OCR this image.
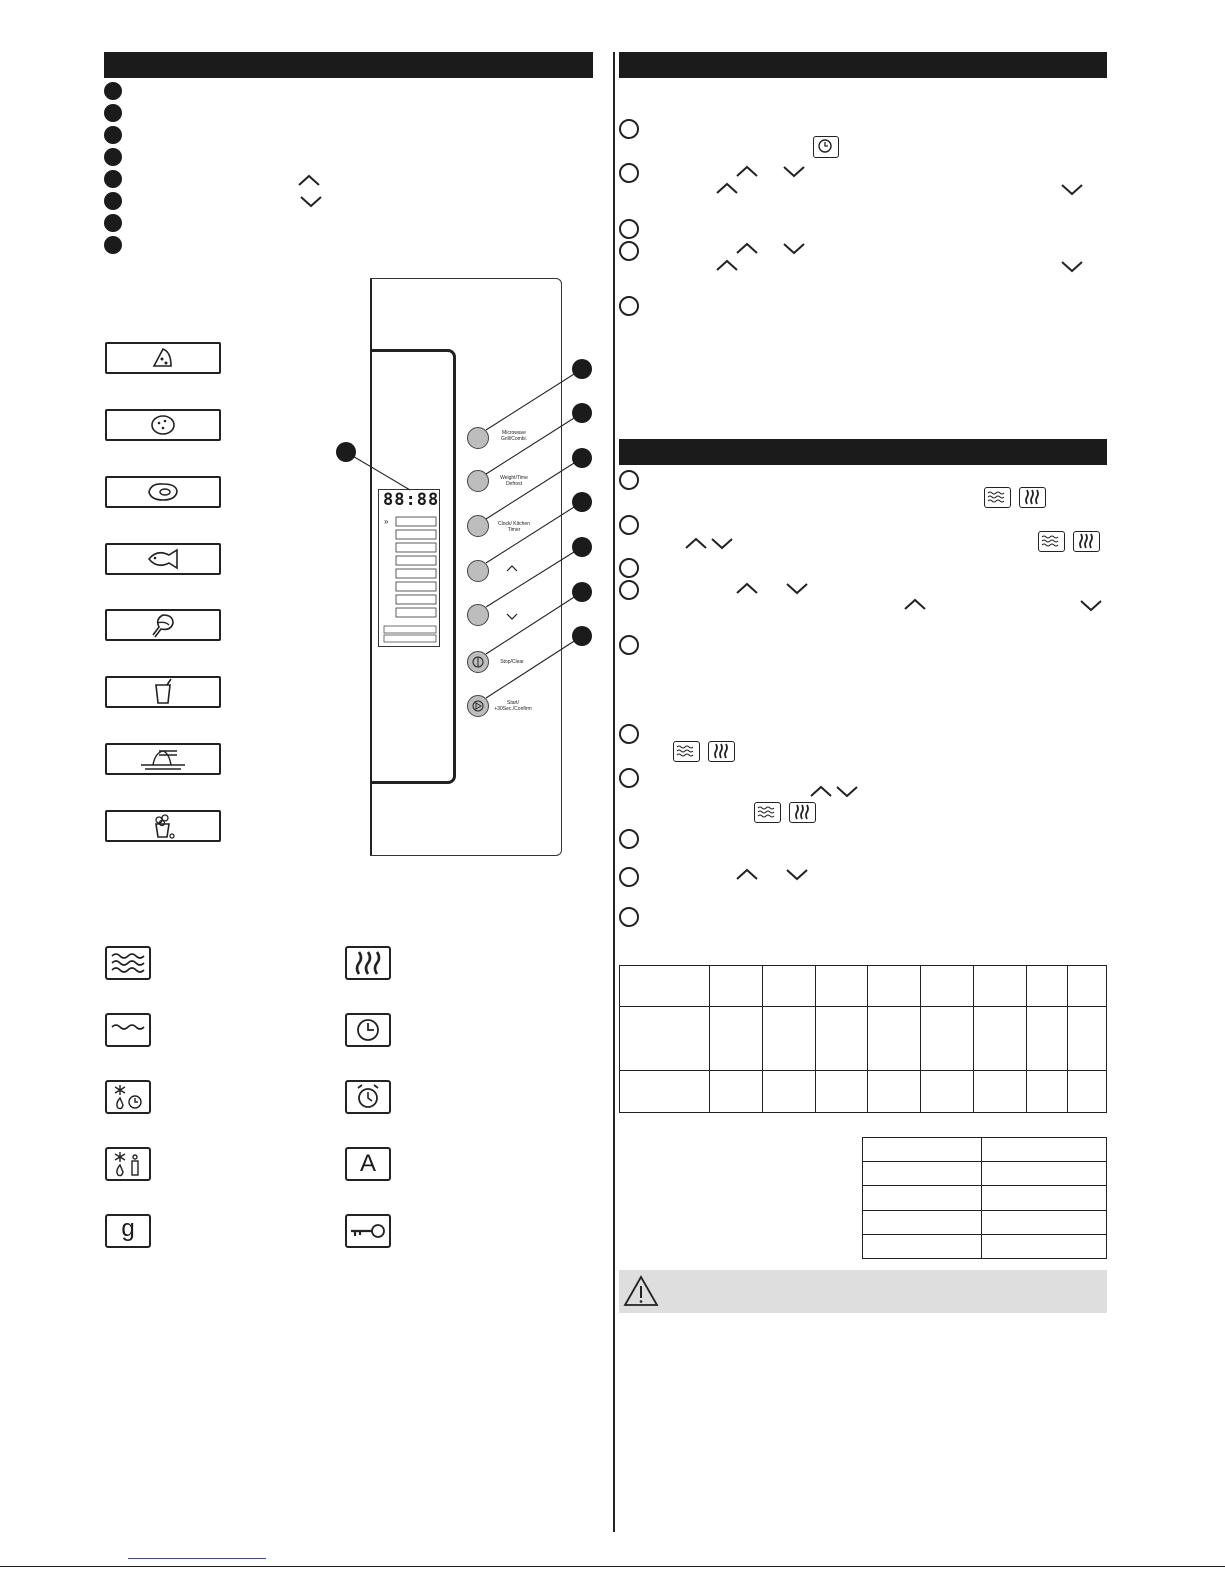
88:88
»
Microwave Grill/Combi.
Weight/Time Defrost
Clock/ Kitchen Timer
Stop/Clear
Start/ +30Sec./Confirm
A
g
